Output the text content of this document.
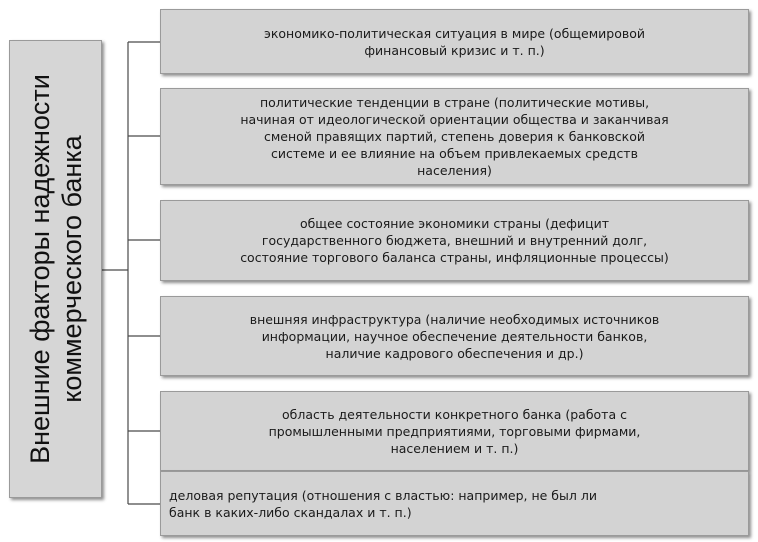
Внешние факторы надежности коммерческого банка
экономико-политическая ситуация в мире (общемировой
финансовый кризис и т. п.)
политические тенденции в стране (политические мотивы,
начиная от идеологической ориентации общества и заканчивая
сменой правящих партий, степень доверия к банковской
системе и ее влияние на объем привлекаемых средств
населения)
общее состояние экономики страны (дефицит
государственного бюджета, внешний и внутренний долг,
состояние торгового баланса страны, инфляционные процессы)
внешняя инфраструктура (наличие необходимых источников
информации, научное обеспечение деятельности банков,
наличие кадрового обеспечения и др.)
область деятельности конкретного банка (работа с
промышленными предприятиями, торговыми фирмами,
населением и т. п.)
деловая репутация (отношения с властью: например, не был ли
банк в каких-либо скандалах и т. п.)
